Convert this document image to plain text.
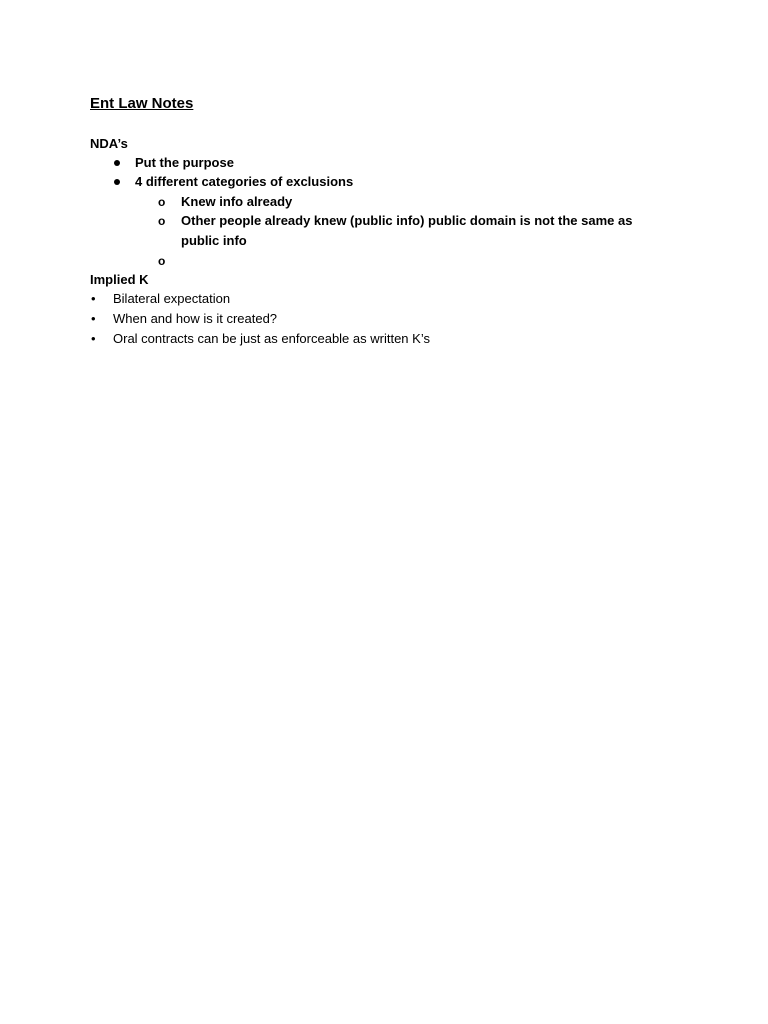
Ent Law Notes
NDA’s
Put the purpose
4 different categories of exclusions
o Knew info already
o Other people already knew (public info) public domain is not the same as
public info
o
Implied K
• Bilateral expectation
• When and how is it created?
• Oral contracts can be just as enforceable as written K’s
